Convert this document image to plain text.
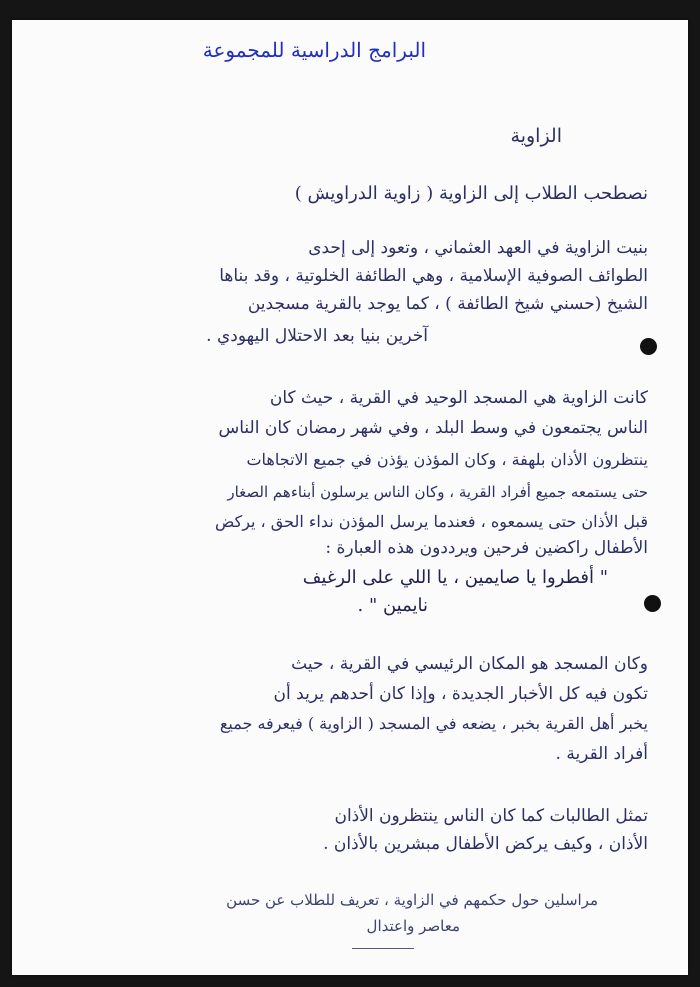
البرامج الدراسية للمجموعة
الزاوية
نصطحب الطلاب إلى الزاوية ( زاوية الدراويش )
بنيت الزاوية في العهد العثماني ، وتعود إلى إحدى
الطوائف الصوفية الإسلامية ، وهي الطائفة الخلوتية ، وقد بناها
الشيخ (حسني شيخ الطائفة ) ، كما يوجد بالقرية مسجدين
آخرين بنيا بعد الاحتلال اليهودي .
كانت الزاوية هي المسجد الوحيد في القرية ، حيث كان
الناس يجتمعون في وسط البلد ، وفي شهر رمضان كان الناس
ينتظرون الأذان بلهفة ، وكان المؤذن يؤذن في جميع الاتجاهات
حتى يستمعه جميع أفراد القرية ، وكان الناس يرسلون أبناءهم الصغار
قبل الأذان حتى يسمعوه ، فعندما يرسل المؤذن نداء الحق ، يركض
الأطفال راكضين فرحين ويرددون هذه العبارة :
" أفطروا يا صايمين ، يا اللي على الرغيف
نايمين " .
وكان المسجد هو المكان الرئيسي في القرية ، حيث
تكون فيه كل الأخبار الجديدة ، وإذا كان أحدهم يريد أن
يخبر أهل القرية بخبر ، يضعه في المسجد ( الزاوية ) فيعرفه جميع
أفراد القرية .
تمثل الطالبات كما كان الناس ينتظرون الأذان
الأذان ، وكيف يركض الأطفال مبشرين بالأذان .
مراسلين حول حكمهم في الزاوية ، تعريف للطلاب عن حسن
معاصر واعتدال
